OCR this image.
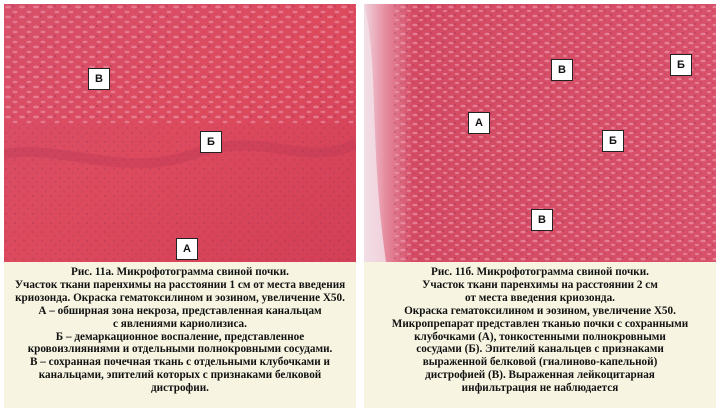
В
Б
А

Рис. 11а. Микрофотограмма свиной почки.

Участок ткани паренхимы на расстоянии 1 см от места введения

криозонда. Окраска гематоксилином и эозином, увеличение Х50.

А – обширная зона некроза, представленная канальцам

с явлениями кариолизиса.

Б – демаркационное воспаление, представленное

кровоизлияниями и отдельными полнокровными сосудами.

В – сохранная почечная ткань с отдельными клубочками и

канальцами, эпителий которых с признаками белковой

дистрофии.

В	Б
А
Б
В

Рис. 11б. Микрофотограмма свиной почки.

Участок ткани паренхимы на расстоянии 2 см

от места введения криозонда.

Окраска гематоксилином и эозином, увеличение Х50.

Микропрепарат представлен тканью почки с сохранными

клубочками (А), тонкостенными полнокровными

сосудами (Б). Эпителий канальцев с признаками

выраженной белковой (гиалиново-капельной)

дистрофией (В). Выраженная лейкоцитарная

инфильтрация не наблюдается
